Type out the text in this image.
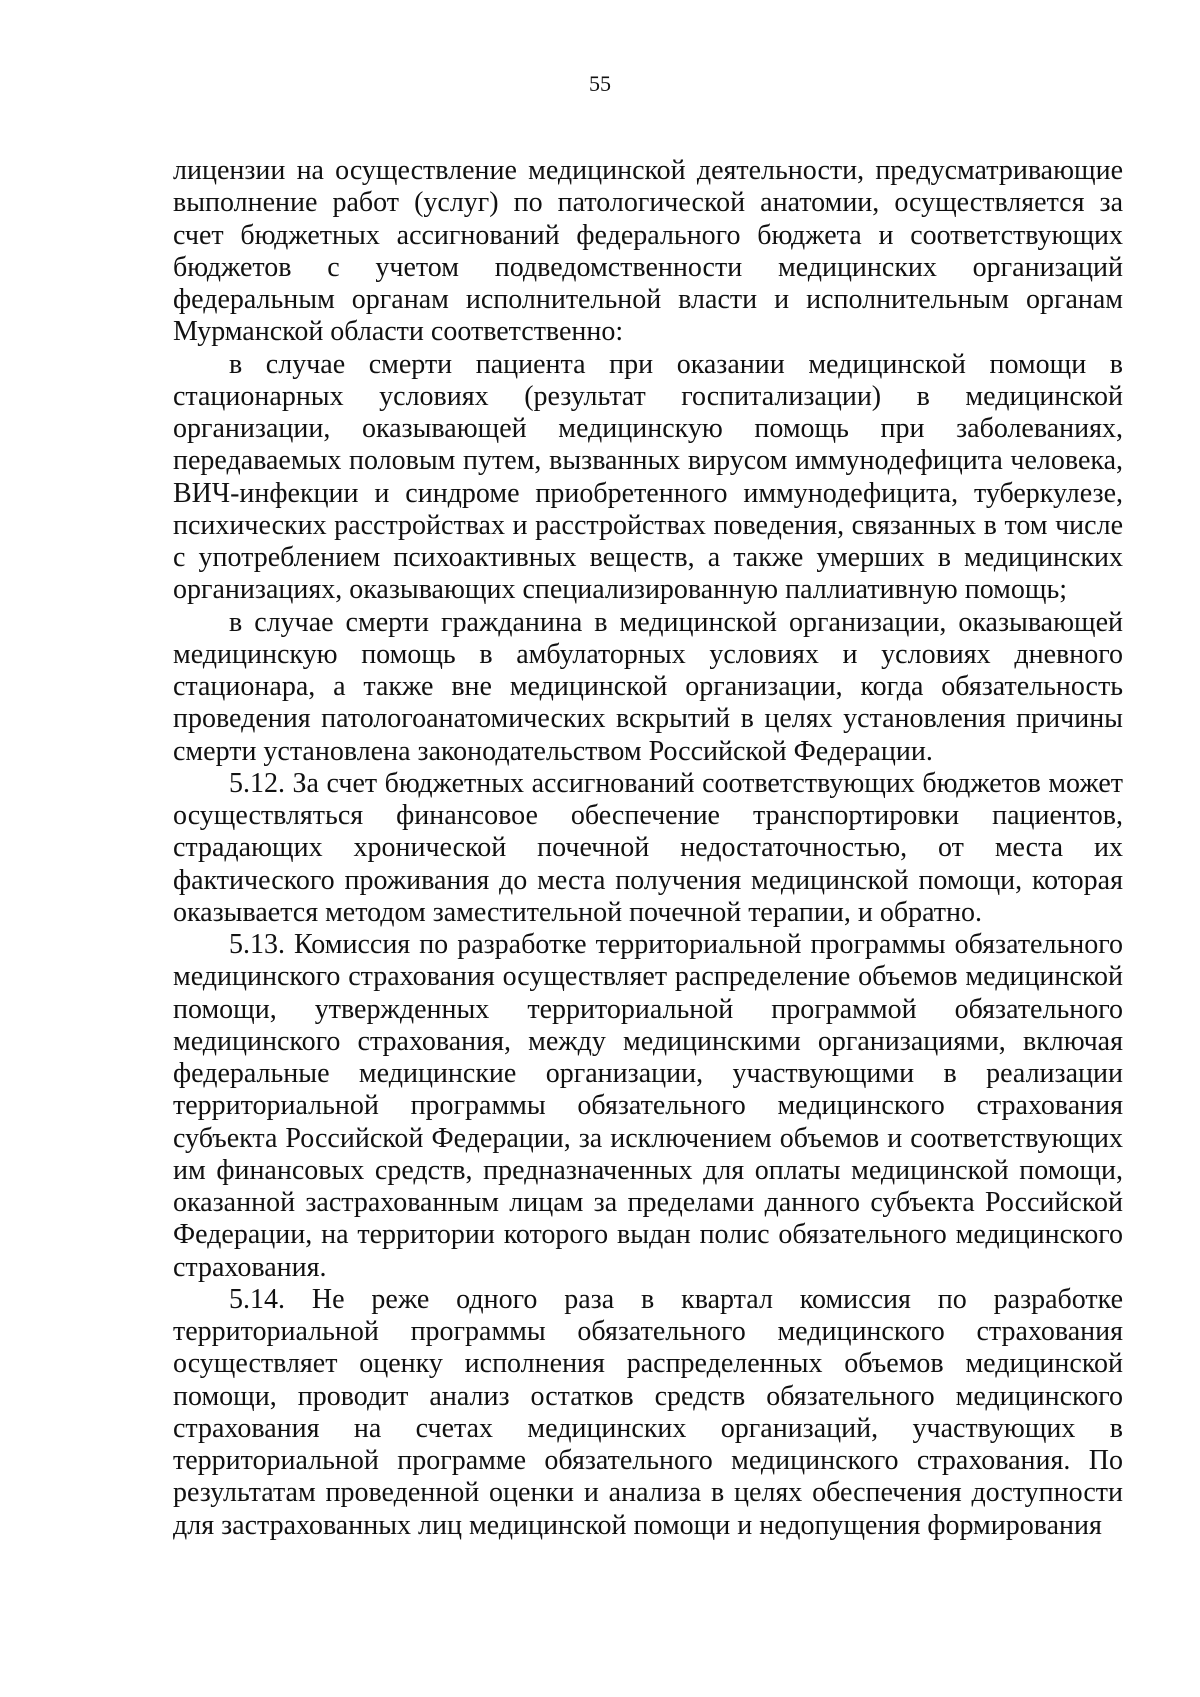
55

лицензии на осуществление медицинской деятельности, предусматривающие выполнение работ (услуг) по патологической анатомии, осуществляется за счет бюджетных ассигнований федерального бюджета и соответствующих бюджетов с учетом подведомственности медицинских организаций федеральным органам исполнительной власти и исполнительным органам Мурманской области соответственно:

в случае смерти пациента при оказании медицинской помощи в стационарных условиях (результат госпитализации) в медицинской организации, оказывающей медицинскую помощь при заболеваниях, передаваемых половым путем, вызванных вирусом иммунодефицита человека, ВИЧ-инфекции и синдроме приобретенного иммунодефицита, туберкулезе, психических расстройствах и расстройствах поведения, связанных в том числе с употреблением психоактивных веществ, а также умерших в медицинских организациях, оказывающих специализированную паллиативную помощь;

в случае смерти гражданина в медицинской организации, оказывающей медицинскую помощь в амбулаторных условиях и условиях дневного стационара, а также вне медицинской организации, когда обязательность проведения патологоанатомических вскрытий в целях установления причины смерти установлена законодательством Российской Федерации.

5.12. За счет бюджетных ассигнований соответствующих бюджетов может осуществляться финансовое обеспечение транспортировки пациентов, страдающих хронической почечной недостаточностью, от места их фактического проживания до места получения медицинской помощи, которая оказывается методом заместительной почечной терапии, и обратно.

5.13. Комиссия по разработке территориальной программы обязательного медицинского страхования осуществляет распределение объемов медицинской помощи, утвержденных территориальной программой обязательного медицинского страхования, между медицинскими организациями, включая федеральные медицинские организации, участвующими в реализации территориальной программы обязательного медицинского страхования субъекта Российской Федерации, за исключением объемов и соответствующих им финансовых средств, предназначенных для оплаты медицинской помощи, оказанной застрахованным лицам за пределами данного субъекта Российской Федерации, на территории которого выдан полис обязательного медицинского страхования.

5.14. Не реже одного раза в квартал комиссия по разработке территориальной программы обязательного медицинского страхования осуществляет оценку исполнения распределенных объемов медицинской помощи, проводит анализ остатков средств обязательного медицинского страхования на счетах медицинских организаций, участвующих в территориальной программе обязательного медицинского страхования. По результатам проведенной оценки и анализа в целях обеспечения доступности для застрахованных лиц медицинской помощи и недопущения формирования
